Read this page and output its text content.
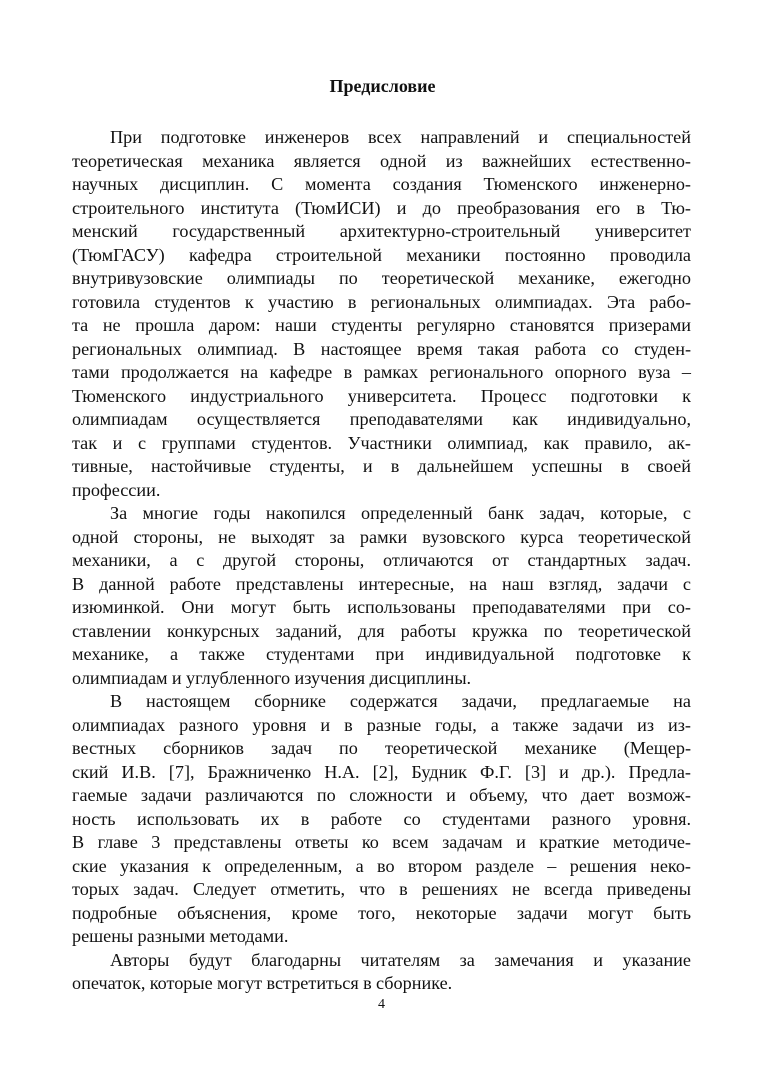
Предисловие
При подготовке инженеров всех направлений и специальностей
теоретическая механика является одной из важнейших естественно-
научных дисциплин. С момента создания Тюменского инженерно-
строительного института (ТюмИСИ) и до преобразования его в Тю-
менский государственный архитектурно-строительный университет
(ТюмГАСУ) кафедра строительной механики постоянно проводила
внутривузовские олимпиады по теоретической механике, ежегодно
готовила студентов к участию в региональных олимпиадах. Эта рабо-
та не прошла даром: наши студенты регулярно становятся призерами
региональных олимпиад. В настоящее время такая работа со студен-
тами продолжается на кафедре в рамках регионального опорного вуза –
Тюменского индустриального университета. Процесс подготовки к
олимпиадам осуществляется преподавателями как индивидуально,
так и с группами студентов. Участники олимпиад, как правило, ак-
тивные, настойчивые студенты, и в дальнейшем успешны в своей
профессии.
За многие годы накопился определенный банк задач, которые, с
одной стороны, не выходят за рамки вузовского курса теоретической
механики, а с другой стороны, отличаются от стандартных задач.
В данной работе представлены интересные, на наш взгляд, задачи с
изюминкой. Они могут быть использованы преподавателями при со-
ставлении конкурсных заданий, для работы кружка по теоретической
механике, а также студентами при индивидуальной подготовке к
олимпиадам и углубленного изучения дисциплины.
В настоящем сборнике содержатся задачи, предлагаемые на
олимпиадах разного уровня и в разные годы, а также задачи из из-
вестных сборников задач по теоретической механике (Мещер-
ский И.В. [7], Бражниченко Н.А. [2], Будник Ф.Г. [3] и др.). Предла-
гаемые задачи различаются по сложности и объему, что дает возмож-
ность использовать их в работе со студентами разного уровня.
В главе 3 представлены ответы ко всем задачам и краткие методиче-
ские указания к определенным, а во втором разделе – решения неко-
торых задач. Следует отметить, что в решениях не всегда приведены
подробные объяснения, кроме того, некоторые задачи могут быть
решены разными методами.
Авторы будут благодарны читателям за замечания и указание
опечаток, которые могут встретиться в сборнике.
4
